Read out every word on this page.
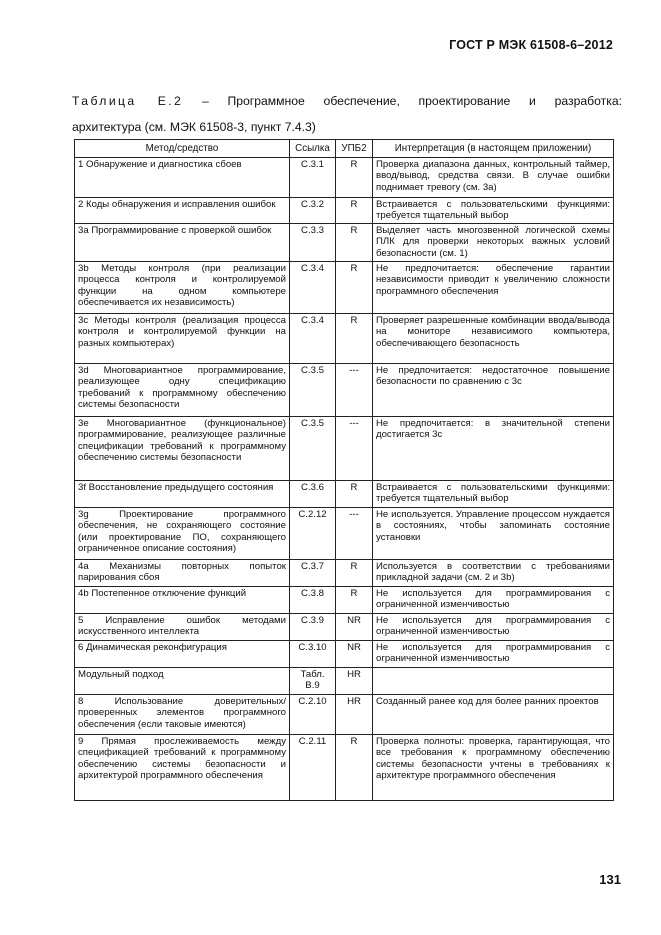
ГОСТ Р МЭК 61508-6–2012
Таблица Е.2 – Программное обеспечение, проектирование и разработка:
архитектура (см. МЭК 61508-3, пункт 7.4.3)
Метод/средство	Ссылка	УПБ2	Интерпретация (в настоящем приложении)
1 Обнаружение и диагностика сбоев	С.3.1	R	Проверка диапазона данных, контрольный таймер, ввод/вывод, средства связи. В случае ошибки поднимает тревогу (см. 3а)
2 Коды обнаружения и исправления ошибок	С.3.2	R	Встраивается с пользовательскими функциями: требуется тщательный выбор
3а Программирование с проверкой ошибок	С.3.3	R	Выделяет часть многозвенной логической схемы ПЛК для проверки некоторых важных условий безопасности (см. 1)
3b Методы контроля (при реализации процесса контроля и контролируемой функции на одном компьютере обеспечивается их независимость)	С.3.4	R	Не предпочитается: обеспечение гарантии независимости приводит к увеличению сложности программного обеспечения
3с Методы контроля (реализация процесса контроля и контролируемой функции на разных компьютерах)	С.3.4	R	Проверяет разрешенные комбинации ввода/вывода на мониторе независимого компьютера, обеспечивающего безопасность
3d Многовариантное программирование, реализующее одну спецификацию требований к программному обеспечению системы безопасности	С.3.5	---	Не предпочитается: недостаточное повышение безопасности по сравнению с 3с
3е Многовариантное (функциональное) программирование, реализующее различные спецификации требований к программному обеспечению системы безопасности	С.3.5	---	Не предпочитается: в значительной степени достигается 3с
3f Восстановление предыдущего состояния	С.3.6	R	Встраивается с пользовательскими функциями: требуется тщательный выбор
3g Проектирование программного обеспечения, не сохраняющего состояние (или проектирование ПО, сохраняющего ограниченное описание состояния)	С.2.12	---	Не используется. Управление процессом нуждается в состояниях, чтобы запоминать состояние установки
4а Механизмы повторных попыток парирования сбоя	С.3.7	R	Используется в соответствии с требованиями прикладной задачи (см. 2 и 3b)
4b Постепенное отключение функций	С.3.8	R	Не используется для программирования с ограниченной изменчивостью
5 Исправление ошибок методами искусственного интеллекта	С.3.9	NR	Не используется для программирования с ограниченной изменчивостью
6 Динамическая реконфигурация	С.3.10	NR	Не используется для программирования с ограниченной изменчивостью
Модульный подход	Табл. В.9	HR	
8 Использование доверительных/проверенных элементов программного обеспечения (если таковые имеются)	С.2.10	HR	Созданный ранее код для более ранних проектов
9 Прямая прослеживаемость между спецификацией требований к программному обеспечению системы безопасности и архитектурой программного обеспечения	С.2.11	R	Проверка полноты: проверка, гарантирующая, что все требования к программному обеспечению системы безопасности учтены в требованиях к архитектуре программного обеспечения
131
